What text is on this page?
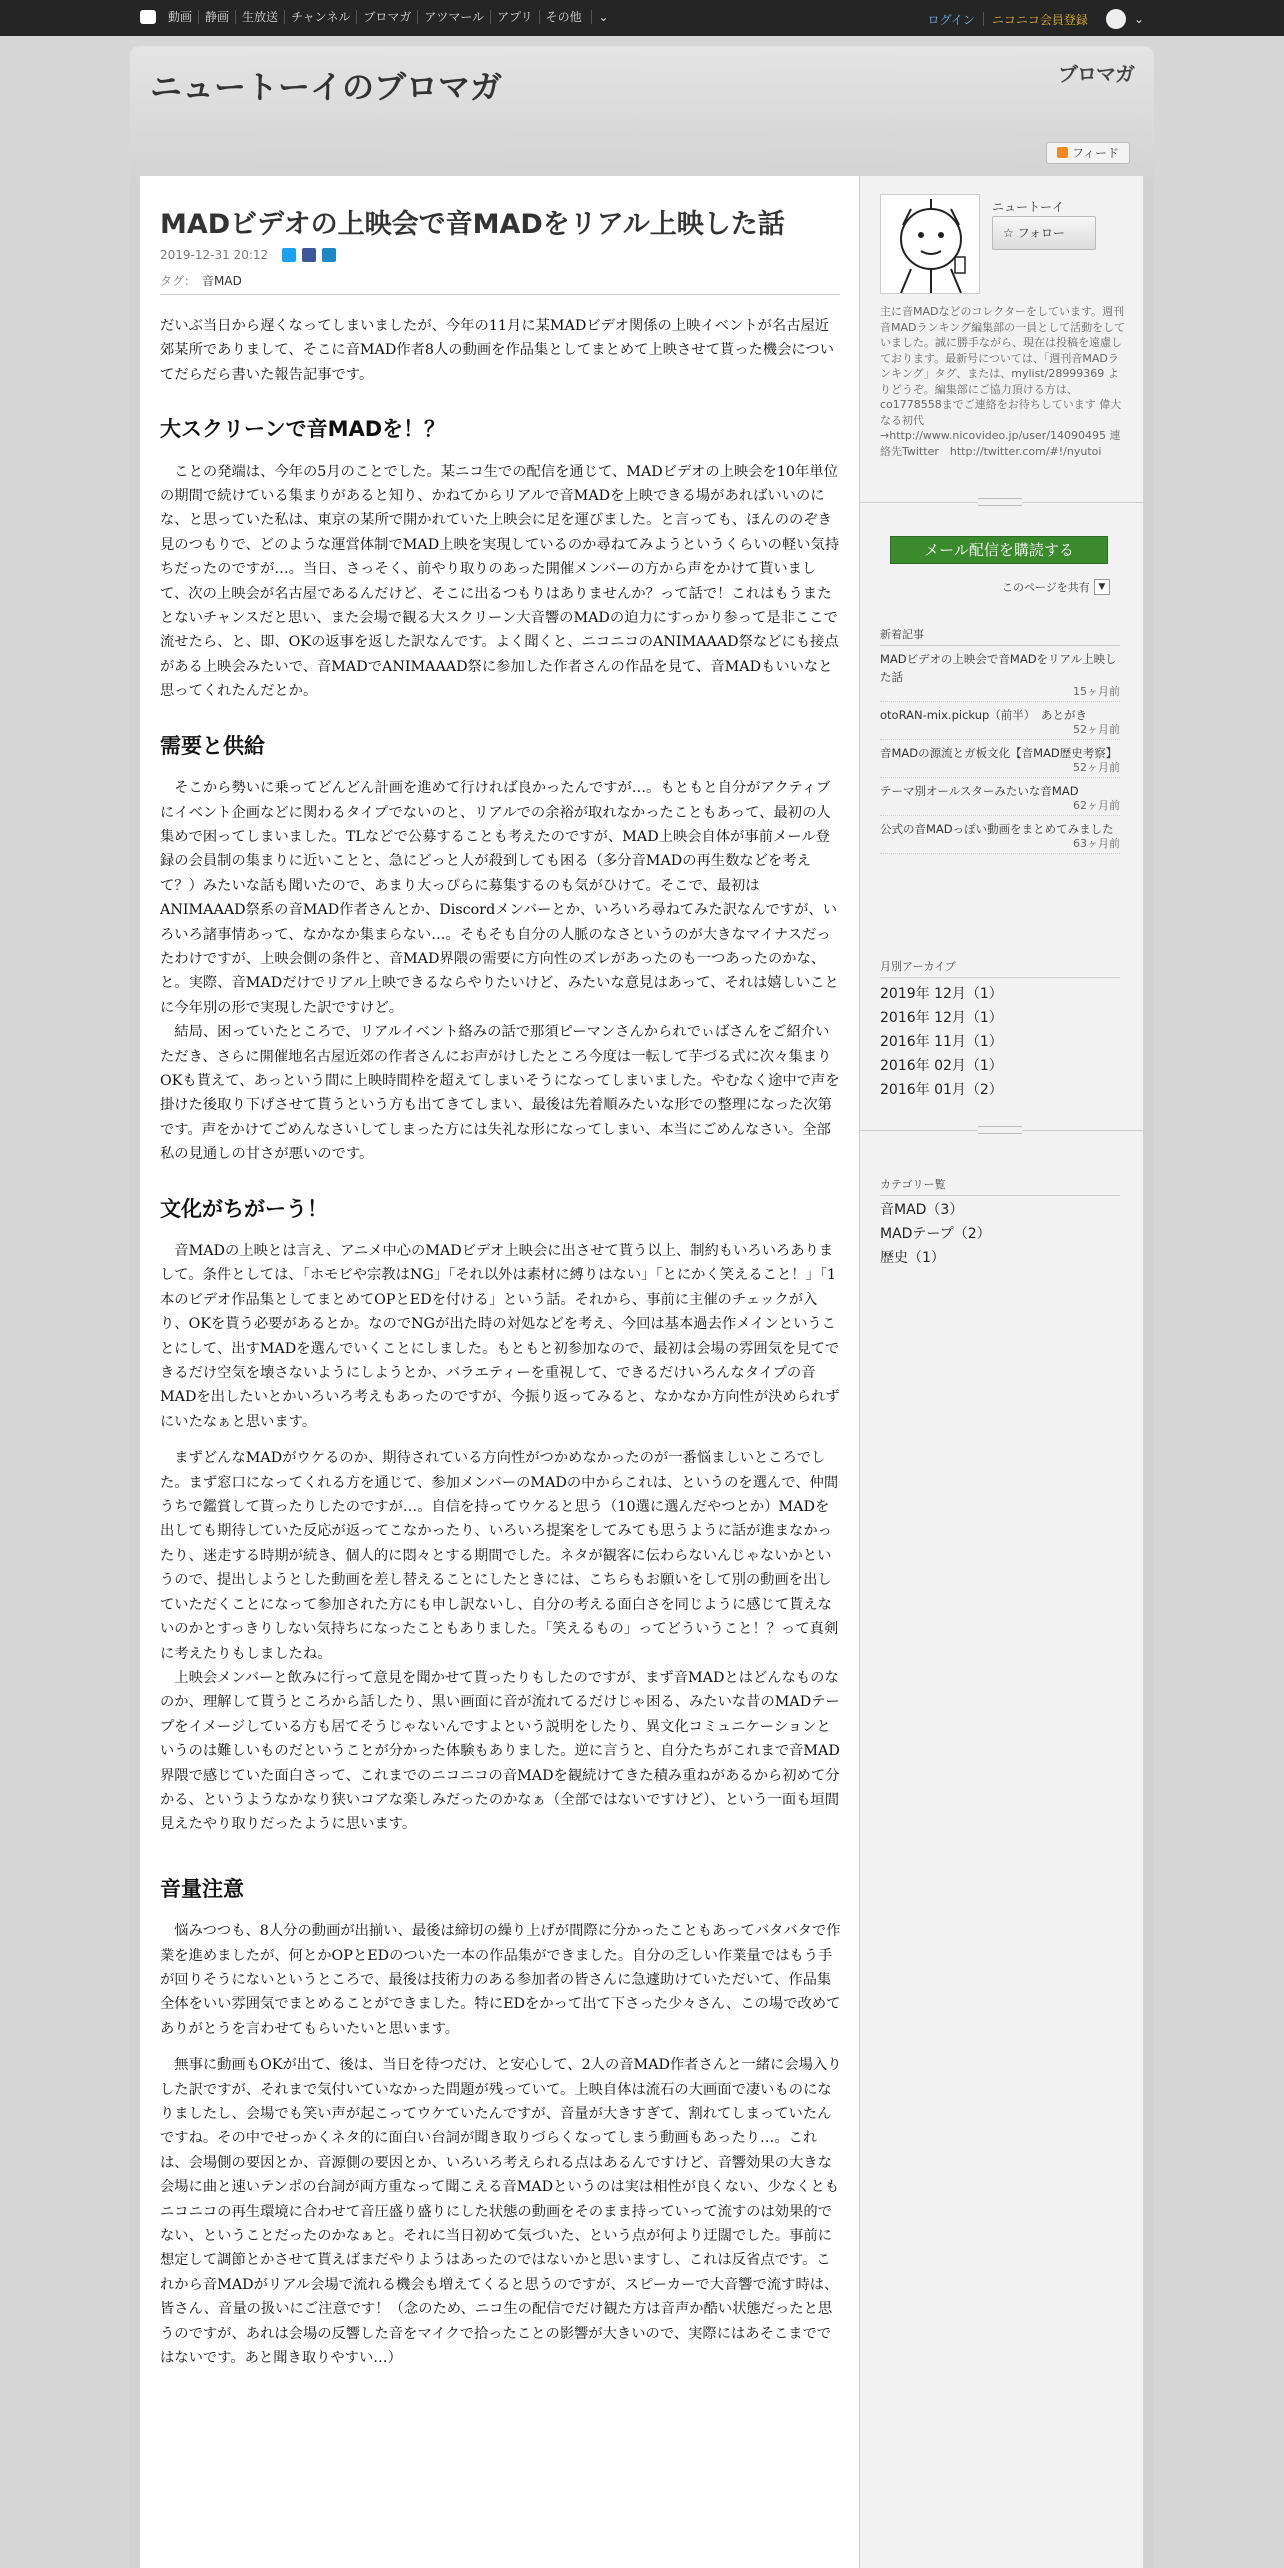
動画	静画	生放送	チャンネル	ブロマガ	アツマール	アプリ	その他 ⌄	ログイン ニコニコ会員登録	⌄
ニュートーイのブロマガ	ブロマガ
フィード
MADビデオの上映会で音MADをリアル上映した話
2019-12-31 20:12
タグ： 音MAD

だいぶ当日から遅くなってしまいましたが、今年の11月に某MADビデオ関係の上映イベントが名古屋近郊某所でありまして、そこに音MAD作者8人の動画を作品集としてまとめて上映させて貰った機会についてだらだら書いた報告記事です。

大スクリーンで音MADを！？

　ことの発端は、今年の5月のことでした。某ニコ生での配信を通じて、MADビデオの上映会を10年単位の期間で続けている集まりがあると知り、かねてからリアルで音MADを上映できる場があればいいのにな、と思っていた私は、東京の某所で開かれていた上映会に足を運びました。と言っても、ほんののぞき見のつもりで、どのような運営体制でMAD上映を実現しているのか尋ねてみようというくらいの軽い気持ちだったのですが…。当日、さっそく、前やり取りのあった開催メンバーの方から声をかけて貰いまして、次の上映会が名古屋であるんだけど、そこに出るつもりはありませんか？って話で！これはもうまたとないチャンスだと思い、また会場で観る大スクリーン大音響のMADの迫力にすっかり参って是非ここで流せたら、と、即、OKの返事を返した訳なんです。よく聞くと、ニコニコのANIMAAAD祭などにも接点がある上映会みたいで、音MADでANIMAAAD祭に参加した作者さんの作品を見て、音MADもいいなと思ってくれたんだとか。

需要と供給

　そこから勢いに乗ってどんどん計画を進めて行ければ良かったんですが…。もともと自分がアクティブにイベント企画などに関わるタイプでないのと、リアルでの余裕が取れなかったこともあって、最初の人集めで困ってしまいました。TLなどで公募することも考えたのですが、MAD上映会自体が事前メール登録の会員制の集まりに近いことと、急にどっと人が殺到しても困る（多分音MADの再生数などを考えて？）みたいな話も聞いたので、あまり大っぴらに募集するのも気がひけて。そこで、最初はANIMAAAD祭系の音MAD作者さんとか、Discordメンバーとか、いろいろ尋ねてみた訳なんですが、いろいろ諸事情あって、なかなか集まらない…。そもそも自分の人脈のなさというのが大きなマイナスだったわけですが、上映会側の条件と、音MAD界隈の需要に方向性のズレがあったのも一つあったのかな、と。実際、音MADだけでリアル上映できるならやりたいけど、みたいな意見はあって、それは嬉しいことに今年別の形で実現した訳ですけど。

　結局、困っていたところで、リアルイベント絡みの話で那須ピーマンさんかられでぃばさんをご紹介いただき、さらに開催地名古屋近郊の作者さんにお声がけしたところ今度は一転して芋づる式に次々集まりOKも貰えて、あっという間に上映時間枠を超えてしまいそうになってしまいました。やむなく途中で声を掛けた後取り下げさせて貰うという方も出てきてしまい、最後は先着順みたいな形での整理になった次第です。声をかけてごめんなさいしてしまった方には失礼な形になってしまい、本当にごめんなさい。全部私の見通しの甘さが悪いのです。

文化がちがーう！

　音MADの上映とは言え、アニメ中心のMADビデオ上映会に出させて貰う以上、制約もいろいろありまして。条件としては、「ホモビや宗教はNG」「それ以外は素材に縛りはない」「とにかく笑えること！」「1本のビデオ作品集としてまとめてOPとEDを付ける」という話。それから、事前に主催のチェックが入り、OKを貰う必要があるとか。なのでNGが出た時の対処などを考え、今回は基本過去作メインということにして、出すMADを選んでいくことにしました。もともと初参加なので、最初は会場の雰囲気を見てできるだけ空気を壊さないようにしようとか、バラエティーを重視して、できるだけいろんなタイプの音MADを出したいとかいろいろ考えもあったのですが、今振り返ってみると、なかなか方向性が決められずにいたなぁと思います。

　まずどんなMADがウケるのか、期待されている方向性がつかめなかったのが一番悩ましいところでした。まず窓口になってくれる方を通じて、参加メンバーのMADの中からこれは、というのを選んで、仲間うちで鑑賞して貰ったりしたのですが…。自信を持ってウケると思う（10選に選んだやつとか）MADを出しても期待していた反応が返ってこなかったり、いろいろ提案をしてみても思うように話が進まなかったり、迷走する時期が続き、個人的に悶々とする期間でした。ネタが観客に伝わらないんじゃないかというので、提出しようとした動画を差し替えることにしたときには、こちらもお願いをして別の動画を出していただくことになって参加された方にも申し訳ないし、自分の考える面白さを同じように感じて貰えないのかとすっきりしない気持ちになったこともありました。「笑えるもの」ってどういうこと！？って真剣に考えたりもしましたね。

　上映会メンバーと飲みに行って意見を聞かせて貰ったりもしたのですが、まず音MADとはどんなものなのか、理解して貰うところから話したり、黒い画面に音が流れてるだけじゃ困る、みたいな昔のMADテープをイメージしている方も居てそうじゃないんですよという説明をしたり、異文化コミュニケーションというのは難しいものだということが分かった体験もありました。逆に言うと、自分たちがこれまで音MAD界隈で感じていた面白さって、これまでのニコニコの音MADを観続けてきた積み重ねがあるから初めて分かる、というようなかなり狭いコアな楽しみだったのかなぁ（全部ではないですけど）、という一面も垣間見えたやり取りだったように思います。

音量注意

　悩みつつも、8人分の動画が出揃い、最後は締切の繰り上げが間際に分かったこともあってバタバタで作業を進めましたが、何とかOPとEDのついた一本の作品集ができました。自分の乏しい作業量ではもう手が回りそうにないというところで、最後は技術力のある参加者の皆さんに急遽助けていただいて、作品集全体をいい雰囲気でまとめることができました。特にEDをかって出て下さった少々さん、この場で改めてありがとうを言わせてもらいたいと思います。

　無事に動画もOKが出て、後は、当日を待つだけ、と安心して、2人の音MAD作者さんと一緒に会場入りした訳ですが、それまで気付いていなかった問題が残っていて。上映自体は流石の大画面で凄いものになりましたし、会場でも笑い声が起こってウケていたんですが、音量が大きすぎて、割れてしまっていたんですね。その中でせっかくネタ的に面白い台詞が聞き取りづらくなってしまう動画もあったり…。これは、会場側の要因とか、音源側の要因とか、いろいろ考えられる点はあるんですけど、音響効果の大きな会場に曲と速いテンポの台詞が両方重なって聞こえる音MADというのは実は相性が良くない、少なくともニコニコの再生環境に合わせて音圧盛り盛りにした状態の動画をそのまま持っていって流すのは効果的でない、ということだったのかなぁと。それに当日初めて気づいた、という点が何より迂闊でした。事前に想定して調節とかさせて貰えばまだやりようはあったのではないかと思いますし、これは反省点です。これから音MADがリアル会場で流れる機会も増えてくると思うのですが、スピーカーで大音響で流す時は、皆さん、音量の扱いにご注意です！（念のため、ニコ生の配信でだけ観た方は音声か酷い状態だったと思うのですが、あれは会場の反響した音をマイクで拾ったことの影響が大きいので、実際にはあそこまでではないです。あと聞き取りやすい…）

ニュートーイ
☆ フォロー
主に音MADなどのコレクターをしています。週刊音MADランキング編集部の一員として活動をしていました。誠に勝手ながら、現在は投稿を遠慮しております。最新号については、「週刊音MADランキング」タグ、または、mylist/28999369 よりどうぞ。編集部にご協力頂ける方は、co1778558までご連絡をお待ちしています 偉大なる初代→http://www.nicovideo.jp/user/14090495 連絡先Twitter　http://twitter.com/#!/nyutoi
メール配信を購読する
このページを共有 ▼
新着記事
MADビデオの上映会で音MADをリアル上映した話
15ヶ月前
otoRAN-mix.pickup（前半）　あとがき
52ヶ月前
音MADの源流とガ板文化【音MAD歴史考察】
52ヶ月前
テーマ別オールスターみたいな音MAD
62ヶ月前
公式の音MADっぽい動画をまとめてみました
63ヶ月前
月別アーカイブ
2019年 12月（1）
2016年 12月（1）
2016年 11月（1）
2016年 02月（1）
2016年 01月（2）
カテゴリー覧
音MAD（3）
MADテープ（2）
歴史（1）
